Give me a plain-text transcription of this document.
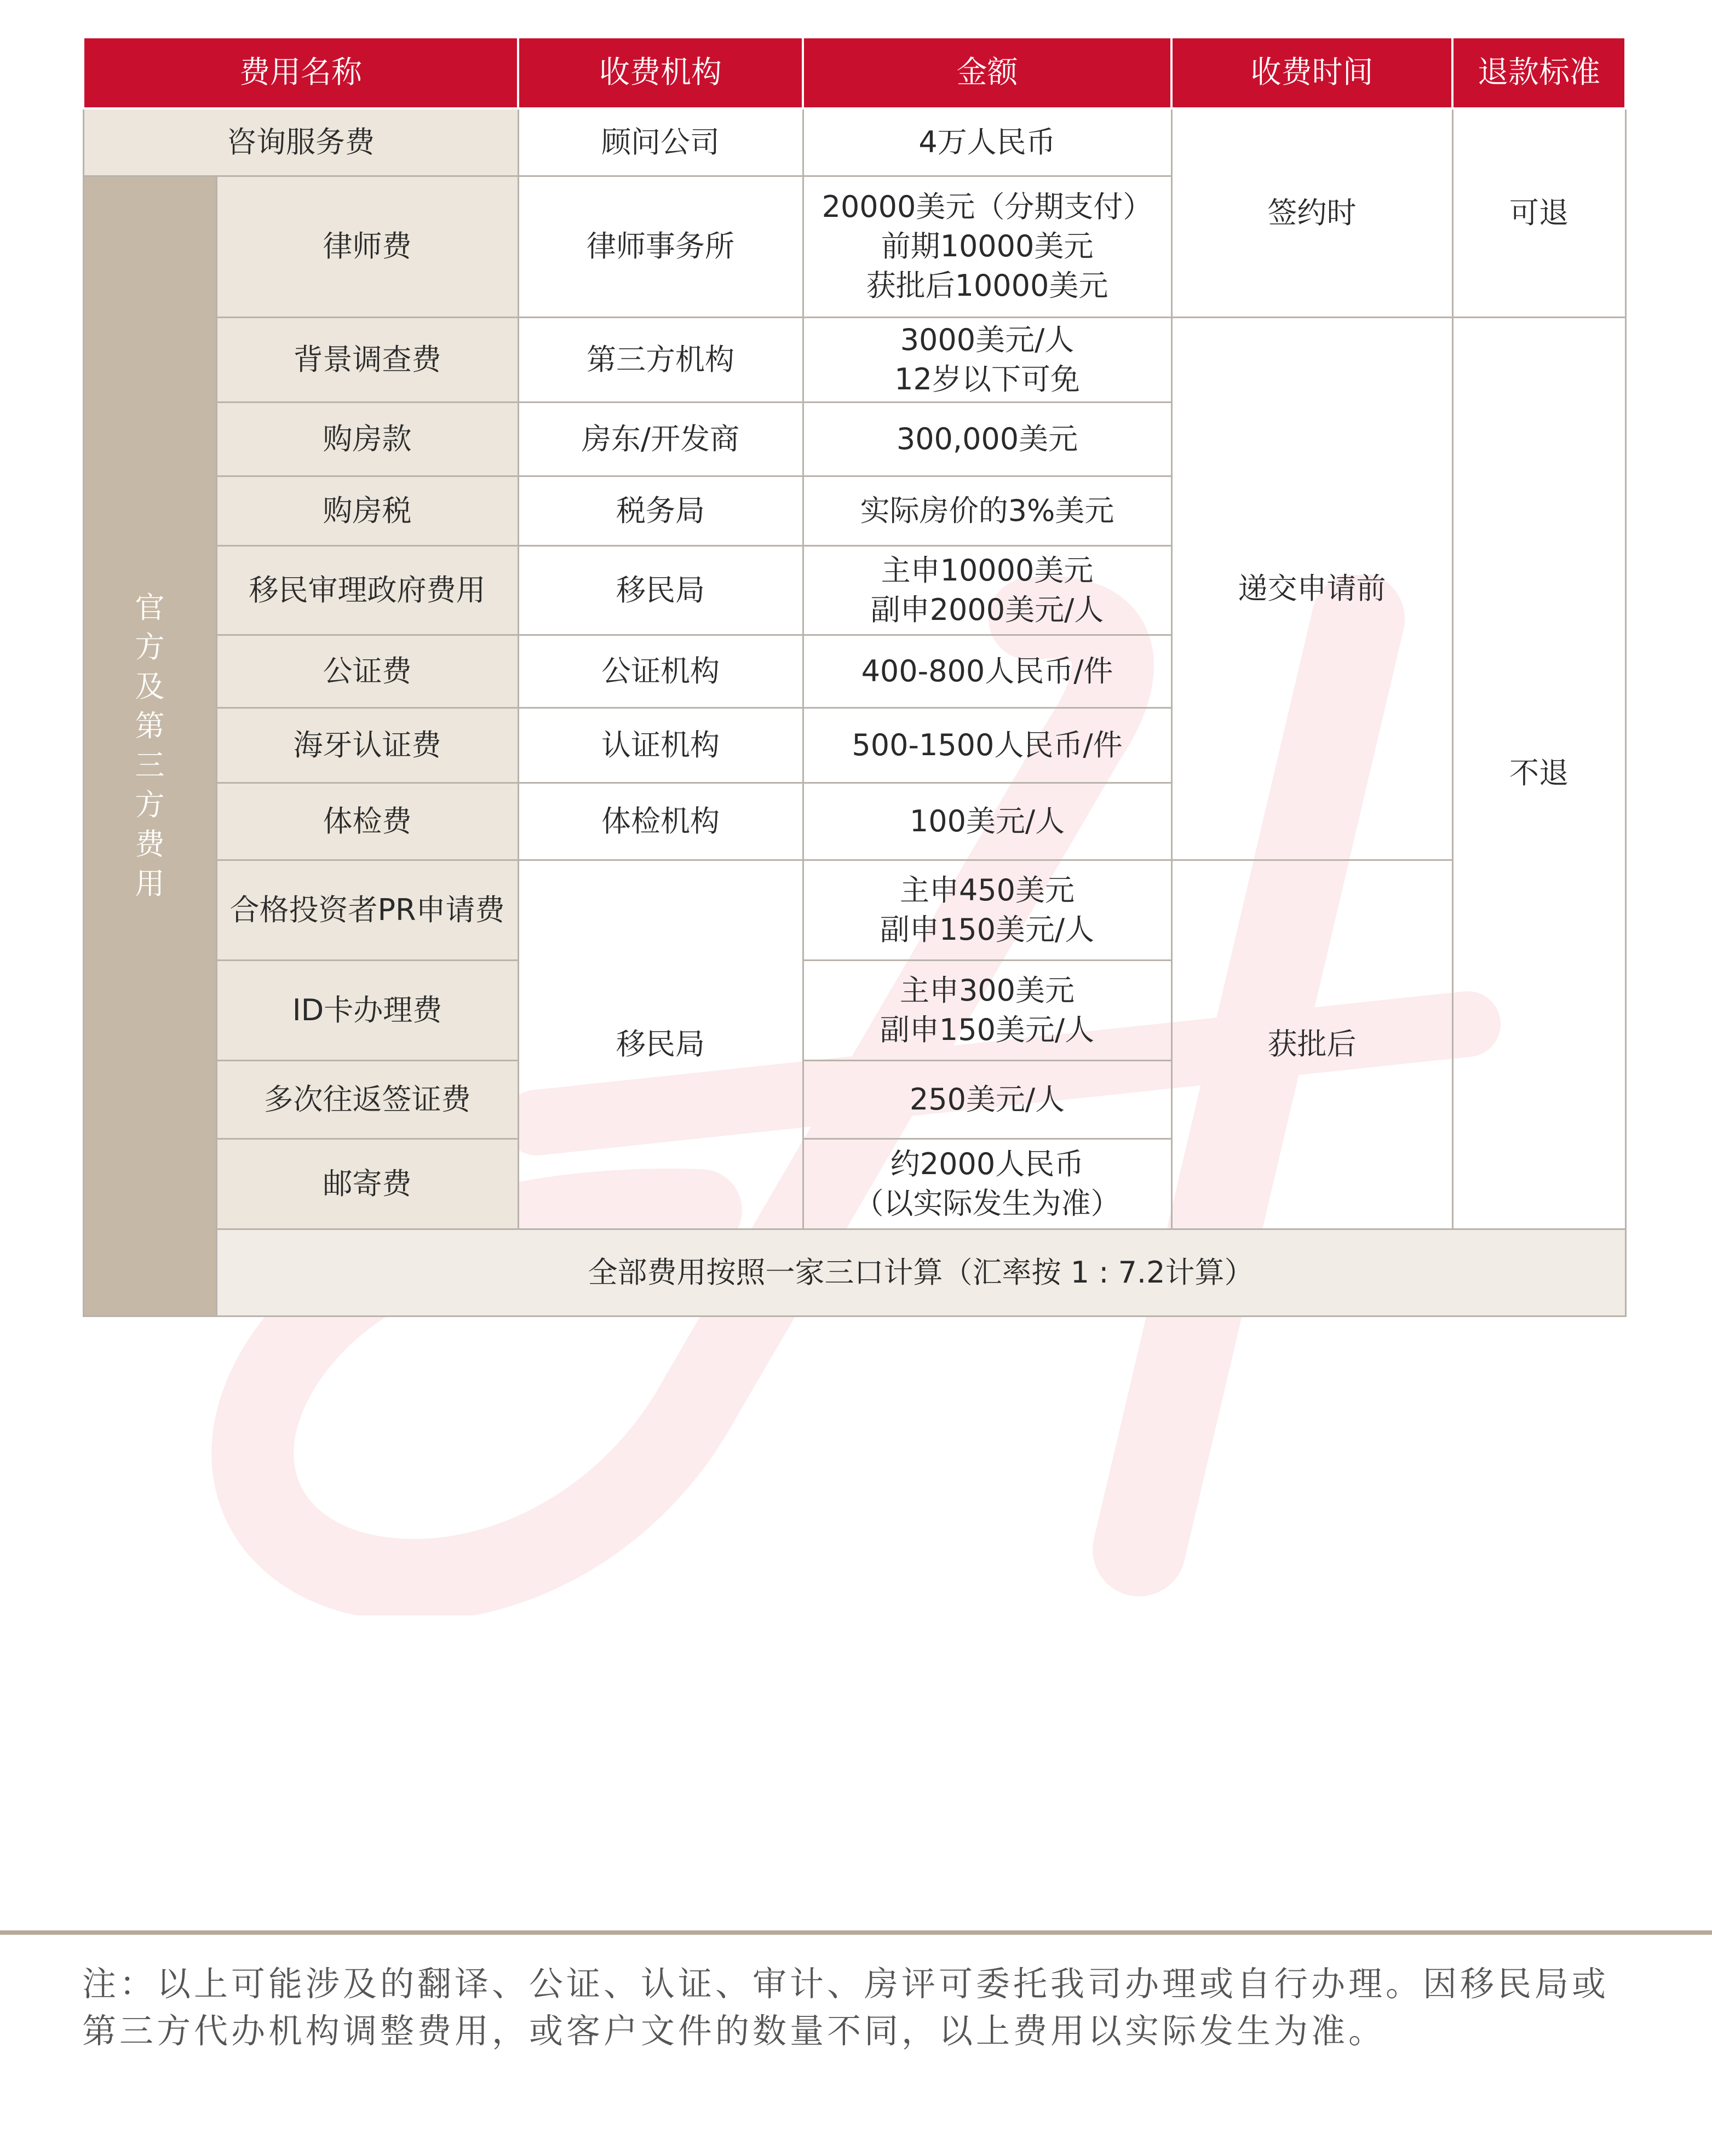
费用名称		收费机构	金额	收费时间	退款标准
咨询服务费		顾问公司	4万人民币	签约时	可退
官方及第三方费用	律师费	律师事务所	20000美元（分期支付）
前期10000美元
获批后10000美元		

	背景调查费	第三方机构	3000美元/人
12岁以下可免	递交申请前	不退
	购房款	房东/开发商	300,000美元		
	购房税	税务局	实际房价的3%美元		
	移民审理政府费用	移民局	主申10000美元
副申2000美元/人		

	公证费	公证机构	400-800人民币/件		
	海牙认证费	认证机构	500-1500人民币/件		
	体检费	体检机构	100美元/人		
	合格投资者PR申请费	移民局	主申450美元
副申150美元/人	获批后	
	ID卡办理费		主申300美元
副申150美元/人		

	多次往返签证费		250美元/人		
	邮寄费		约2000人民币
（以实际发生为准）		

	全部费用按照一家三口计算（汇率按 1 : 7.2计算）				
注：以上可能涉及的翻译、公证、认证、审计、房评可委托我司办理或自行办理。因移民局或第三方代办机构调整费用，或客户文件的数量不同，以上费用以实际发生为准。
